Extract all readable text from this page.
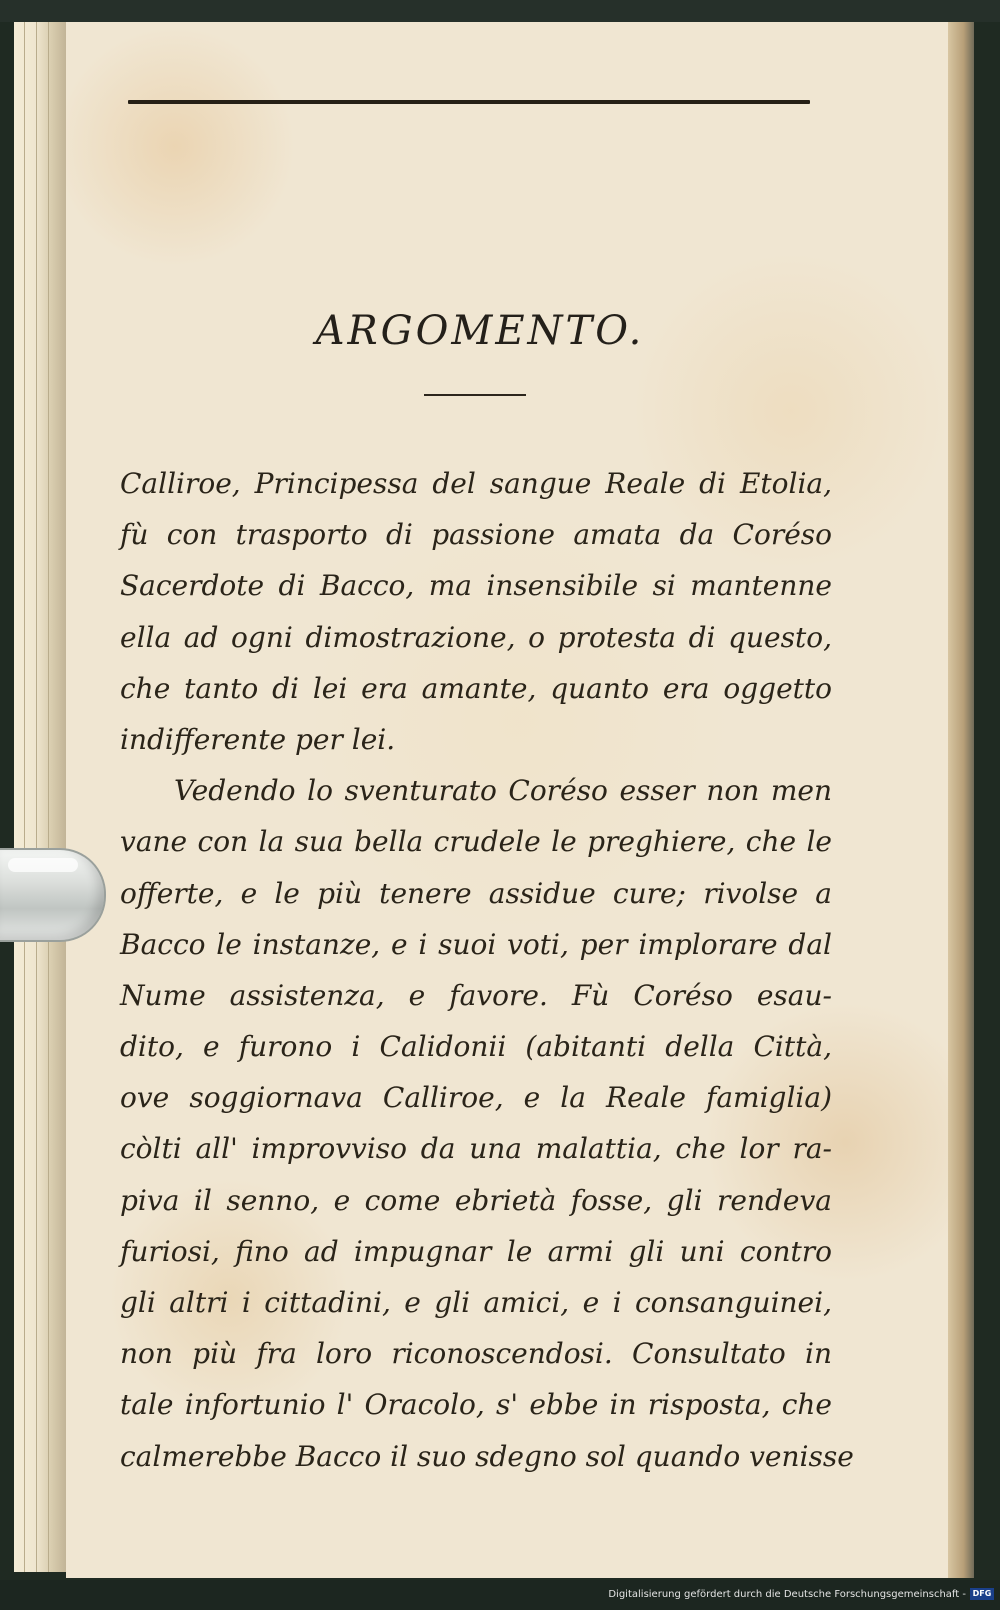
ARGOMENTO.
Calliroe, Principessa del sangue Reale di Etolia,
fù con trasporto di passione amata da Coréso
Sacerdote di Bacco, ma insensibile si mantenne
ella ad ogni dimostrazione, o protesta di questo,
che tanto di lei era amante, quanto era oggetto
indifferente per lei.
Vedendo lo sventurato Coréso esser non men
vane con la sua bella crudele le preghiere, che le
offerte, e le più tenere assidue cure; rivolse a
Bacco le instanze, e i suoi voti, per implorare dal
Nume assistenza, e favore. Fù Coréso esau-
dito, e furono i Calidonii (abitanti della Città,
ove soggiornava Calliroe, e la Reale famiglia)
còlti all' improvviso da una malattia, che lor ra-
piva il senno, e come ebrietà fosse, gli rendeva
furiosi, fino ad impugnar le armi gli uni contro
gli altri i cittadini, e gli amici, e i consanguinei,
non più fra loro riconoscendosi. Consultato in
tale infortunio l' Oracolo, s' ebbe in risposta, che
calmerebbe Bacco il suo sdegno sol quando venisse
Digitalisierung gefördert durch die Deutsche Forschungsgemeinschaft - DFG
